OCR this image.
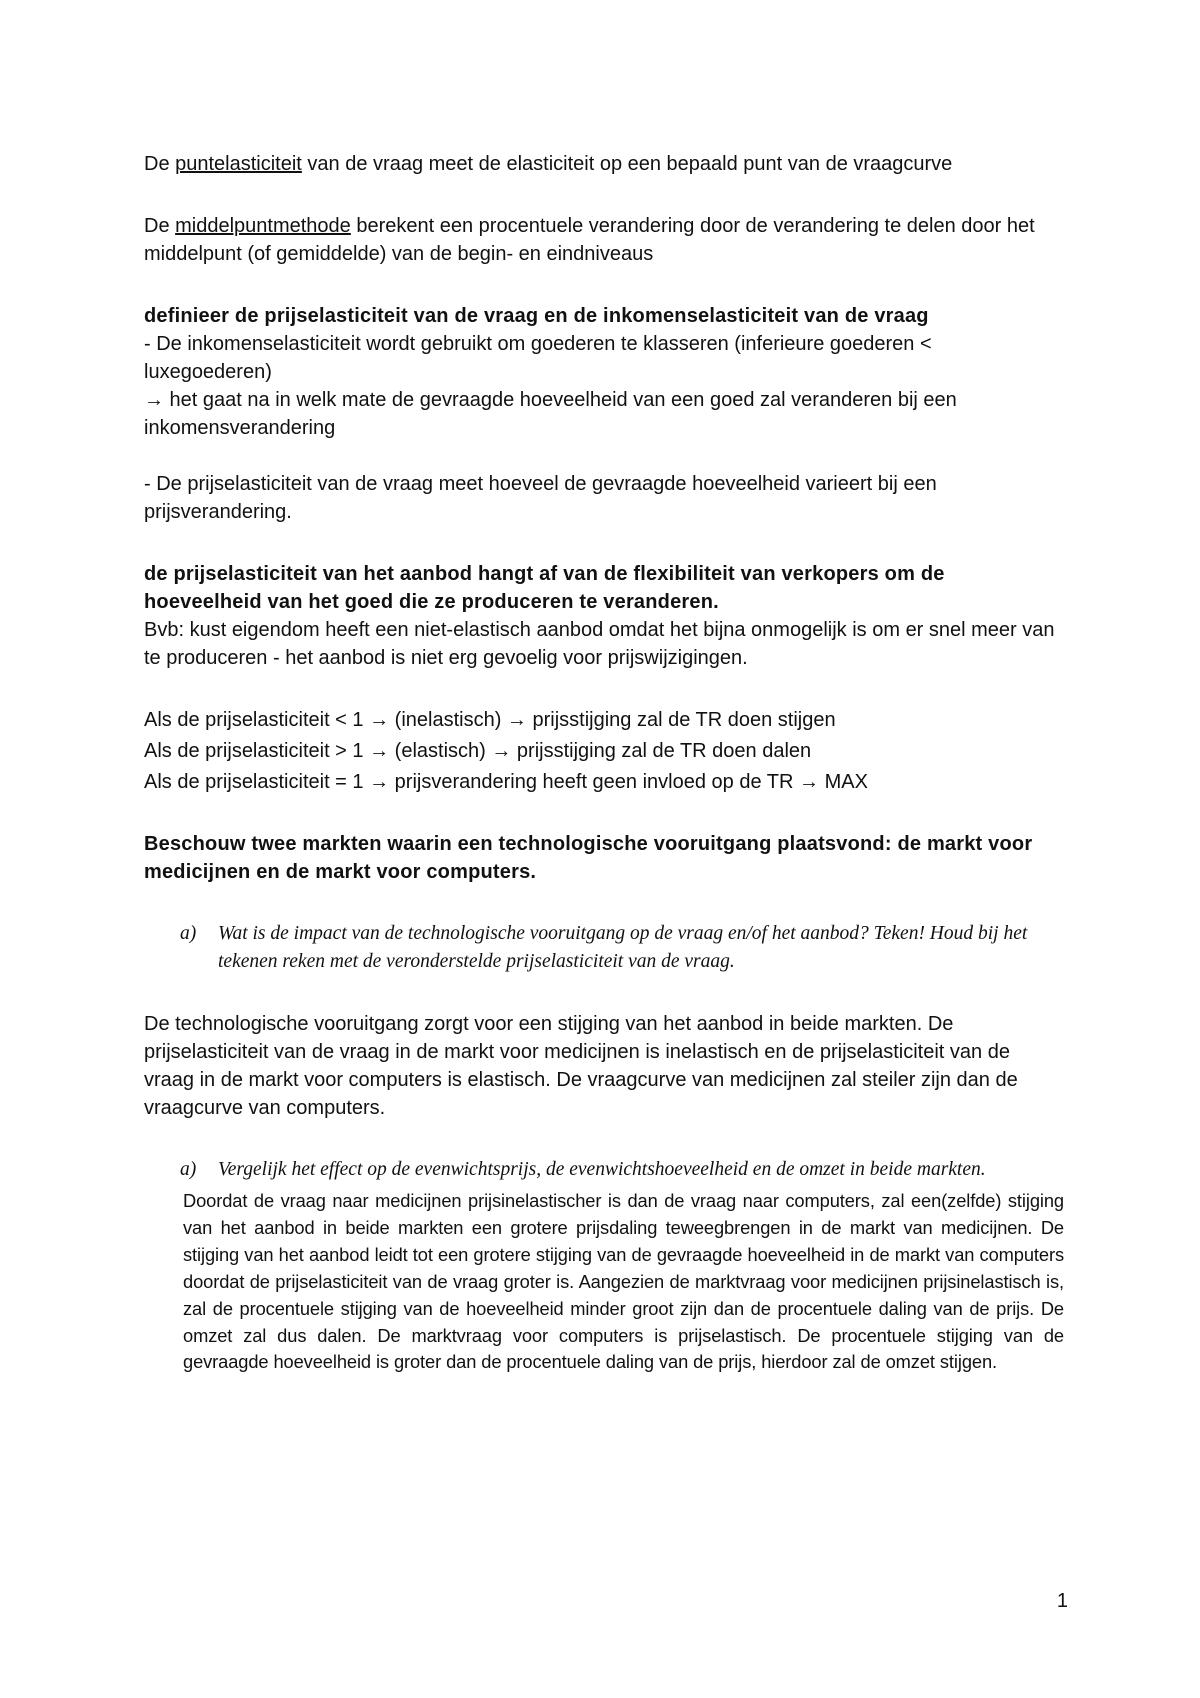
De puntelasticiteit van de vraag meet de elasticiteit op een bepaald punt van de vraagcurve

De middelpuntmethode berekent een procentuele verandering door de verandering te delen door het middelpunt (of gemiddelde) van de begin- en eindniveaus

definieer de prijselasticiteit van de vraag en de inkomenselasticiteit van de vraag

- De inkomenselasticiteit wordt gebruikt om goederen te klasseren (inferieure goederen < luxegoederen)

→ het gaat na in welk mate de gevraagde hoeveelheid van een goed zal veranderen bij een inkomensverandering

- De prijselasticiteit van de vraag meet hoeveel de gevraagde hoeveelheid varieert bij een prijsverandering.

de prijselasticiteit van het aanbod hangt af van de flexibiliteit van verkopers om de hoeveelheid van het goed die ze produceren te veranderen.

Bvb: kust eigendom heeft een niet-elastisch aanbod omdat het bijna onmogelijk is om er snel meer van te produceren - het aanbod is niet erg gevoelig voor prijswijzigingen.

Als de prijselasticiteit < 1 → (inelastisch) → prijsstijging zal de TR doen stijgen

Als de prijselasticiteit > 1 → (elastisch) → prijsstijging zal de TR doen dalen

Als de prijselasticiteit = 1 → prijsverandering heeft geen invloed op de TR → MAX

Beschouw twee markten waarin een technologische vooruitgang plaatsvond: de markt voor medicijnen en de markt voor computers.

a) Wat is de impact van de technologische vooruitgang op de vraag en/of het aanbod? Teken! Houd bij het tekenen reken met de veronderstelde prijselasticiteit van de vraag.

De technologische vooruitgang zorgt voor een stijging van het aanbod in beide markten. De prijselasticiteit van de vraag in de markt voor medicijnen is inelastisch en de prijselasticiteit van de vraag in de markt voor computers is elastisch. De vraagcurve van medicijnen zal steiler zijn dan de vraagcurve van computers.

a) Vergelijk het effect op de evenwichtsprijs, de evenwichtshoeveelheid en de omzet in beide markten.

Doordat de vraag naar medicijnen prijsinelastischer is dan de vraag naar computers, zal een(zelfde) stijging van het aanbod in beide markten een grotere prijsdaling teweegbrengen in de markt van medicijnen. De stijging van het aanbod leidt tot een grotere stijging van de gevraagde hoeveelheid in de markt van computers doordat de prijselasticiteit van de vraag groter is. Aangezien de marktvraag voor medicijnen prijsinelastisch is, zal de procentuele stijging van de hoeveelheid minder groot zijn dan de procentuele daling van de prijs. De omzet zal dus dalen. De marktvraag voor computers is prijselastisch. De procentuele stijging van de gevraagde hoeveelheid is groter dan de procentuele daling van de prijs, hierdoor zal de omzet stijgen.

1
